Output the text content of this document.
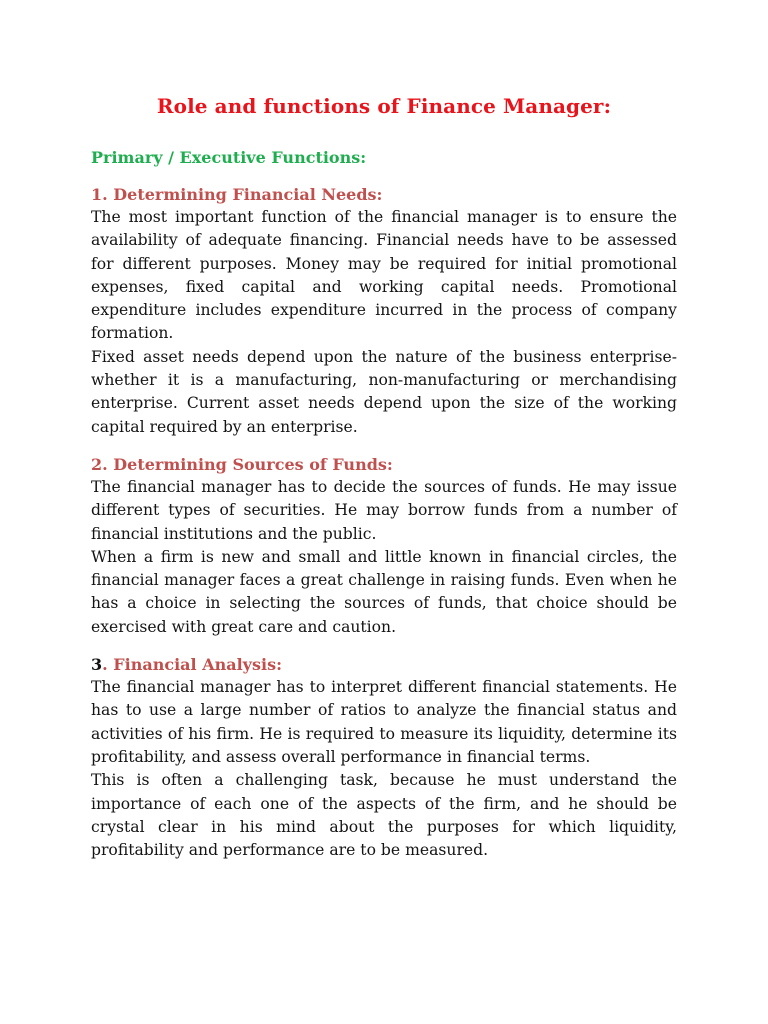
Role and functions of Finance Manager:
Primary / Executive Functions:
1. Determining Financial Needs:

The most important function of the financial manager is to ensure the availability of adequate financing. Financial needs have to be assessed for different purposes. Money may be required for initial promotional expenses, fixed capital and working capital needs. Promotional expenditure includes expenditure incurred in the process of company formation.

Fixed asset needs depend upon the nature of the business enterprise- whether it is a manufacturing, non-manufacturing or merchandising enterprise. Current asset needs depend upon the size of the working capital required by an enterprise.

2. Determining Sources of Funds:

The financial manager has to decide the sources of funds. He may issue different types of securities. He may borrow funds from a number of financial institutions and the public.

When a firm is new and small and little known in financial circles, the financial manager faces a great challenge in raising funds. Even when he has a choice in selecting the sources of funds, that choice should be exercised with great care and caution.

3. Financial Analysis:

The financial manager has to interpret different financial statements. He has to use a large number of ratios to analyze the financial status and activities of his firm. He is required to measure its liquidity, determine its profitability, and assess overall performance in financial terms.

This is often a challenging task, because he must understand the importance of each one of the aspects of the firm, and he should be crystal clear in his mind about the purposes for which liquidity, profitability and performance are to be measured.
